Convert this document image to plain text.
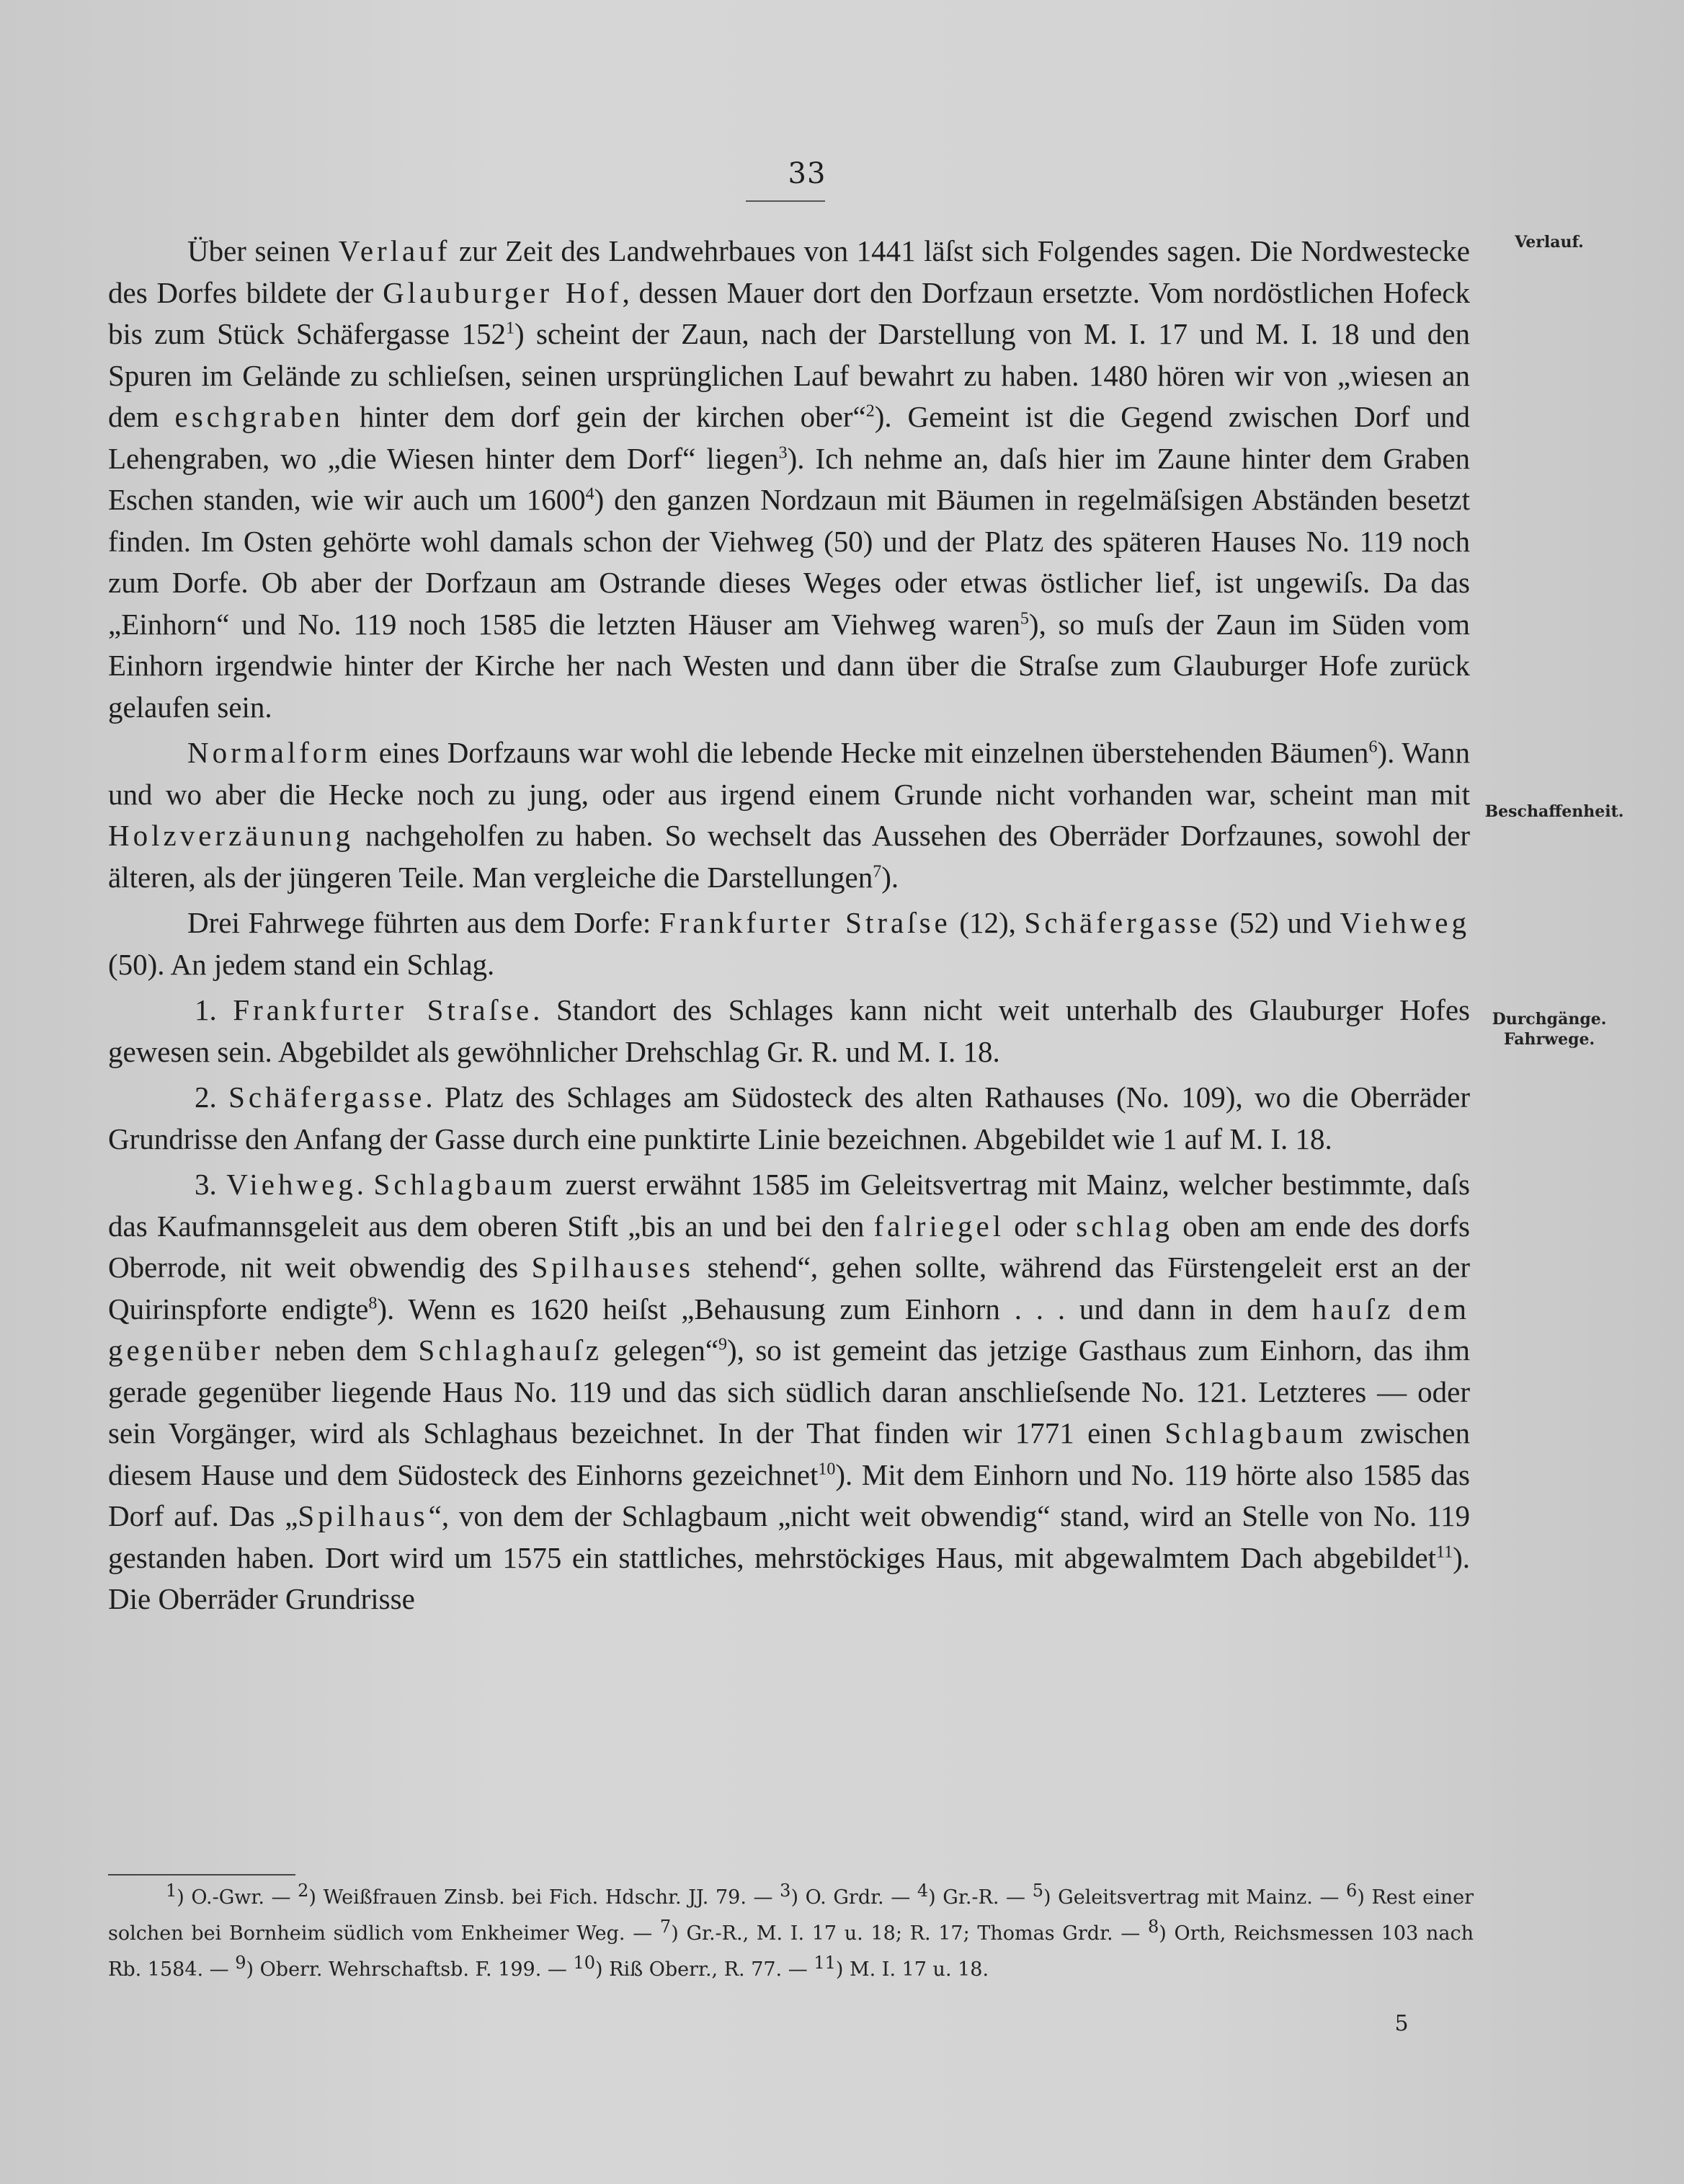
33
Verlauf.
Beschaffenheit.
Durchgänge.
Fahrwege.

Über seinen Verlauf zur Zeit des Landwehrbaues von 1441 läſst sich Folgendes sagen. Die Nordwestecke des Dorfes bildete der Glauburger Hof, dessen Mauer dort den Dorfzaun ersetzte. Vom nordöstlichen Hofeck bis zum Stück Schäfergasse $152^1$) scheint der Zaun, nach der Darstellung von M. I. 17 und M. I. 18 und den Spuren im Gelände zu schlieſsen, seinen ursprünglichen Lauf bewahrt zu haben. 1480 hören wir von „wiesen an dem eschgraben hinter dem dorf gein der kirchen ober“$^2$). Gemeint ist die Gegend zwischen Dorf und Lehengraben, wo „die Wiesen hinter dem Dorf“ liegen$^3$). Ich nehme an, daſs hier im Zaune hinter dem Graben Eschen standen, wie wir auch um 1600$^4$) den ganzen Nordzaun mit Bäumen in regelmäſsigen Abständen besetzt finden. Im Osten gehörte wohl damals schon der Viehweg (50) und der Platz des späteren Hauses No. 119 noch zum Dorfe. Ob aber der Dorfzaun am Ostrande dieses Weges oder etwas östlicher lief, ist ungewiſs. Da das „Einhorn“ und No. 119 noch 1585 die letzten Häuser am Viehweg waren$^5$), so muſs der Zaun im Süden vom Einhorn irgendwie hinter der Kirche her nach Westen und dann über die Straſse zum Glauburger Hofe zurück gelaufen sein.

Normalform eines Dorfzauns war wohl die lebende Hecke mit einzelnen überstehenden Bäumen$^6$). Wann und wo aber die Hecke noch zu jung, oder aus irgend einem Grunde nicht vorhanden war, scheint man mit Holzverzäunung nachgeholfen zu haben. So wechselt das Aussehen des Oberräder Dorfzaunes, sowohl der älteren, als der jüngeren Teile. Man vergleiche die Darstellungen$^7$).

Drei Fahrwege führten aus dem Dorfe: Frankfurter Straſse (12), Schäfergasse (52) und Viehweg (50). An jedem stand ein Schlag.

1. Frankfurter Straſse. Standort des Schlages kann nicht weit unterhalb des Glauburger Hofes gewesen sein. Abgebildet als gewöhnlicher Drehschlag Gr. R. und M. I. 18.

2. Schäfergasse. Platz des Schlages am Südosteck des alten Rathauses (No. 109), wo die Oberräder Grundrisse den Anfang der Gasse durch eine punktirte Linie bezeichnen. Abgebildet wie 1 auf M. I. 18.

3. Viehweg. Schlagbaum zuerst erwähnt 1585 im Geleitsvertrag mit Mainz, welcher bestimmte, daſs das Kaufmannsgeleit aus dem oberen Stift „bis an und bei den falriegel oder schlag oben am ende des dorfs Oberrode, nit weit obwendig des Spilhauses stehend“, gehen sollte, während das Fürstengeleit erst an der Quirinspforte endigte$^8$). Wenn es 1620 heiſst „Behausung zum Einhorn . . . und dann in dem hauſz dem gegenüber neben dem Schlaghauſz gelegen“$^9$), so ist gemeint das jetzige Gasthaus zum Einhorn, das ihm gerade gegenüber liegende Haus No. 119 und das sich südlich daran anschlieſsende No. 121. Letzteres — oder sein Vorgänger, wird als Schlaghaus bezeichnet. In der That finden wir 1771 einen Schlagbaum zwischen diesem Hause und dem Südosteck des Einhorns gezeichnet$^{10}$). Mit dem Einhorn und No. 119 hörte also 1585 das Dorf auf. Das „Spilhaus“, von dem der Schlagbaum „nicht weit obwendig“ stand, wird an Stelle von No. 119 gestanden haben. Dort wird um 1575 ein stattliches, mehrstöckiges Haus, mit abgewalmtem Dach abgebildet$^{11}$). Die Oberräder Grundrisse

$^1$) O.-Gwr. — $^2$) Weißfrauen Zinsb. bei Fich. Hdschr. JJ. 79. — $^3$) O. Grdr. — $^4$) Gr.-R. — $^5$) Geleitsvertrag mit Mainz. — $^6$) Rest einer solchen bei Bornheim südlich vom Enkheimer Weg. — $^7$) Gr.-R., M. I. 17 u. 18; R. 17; Thomas Grdr. — $^8$) Orth, Reichsmessen 103 nach Rb. 1584. — $^9$) Oberr. Wehrschaftsb. F. 199. — $^{10}$) Riß Oberr., R. 77. — $^{11}$) M. I. 17 u. 18.
5
